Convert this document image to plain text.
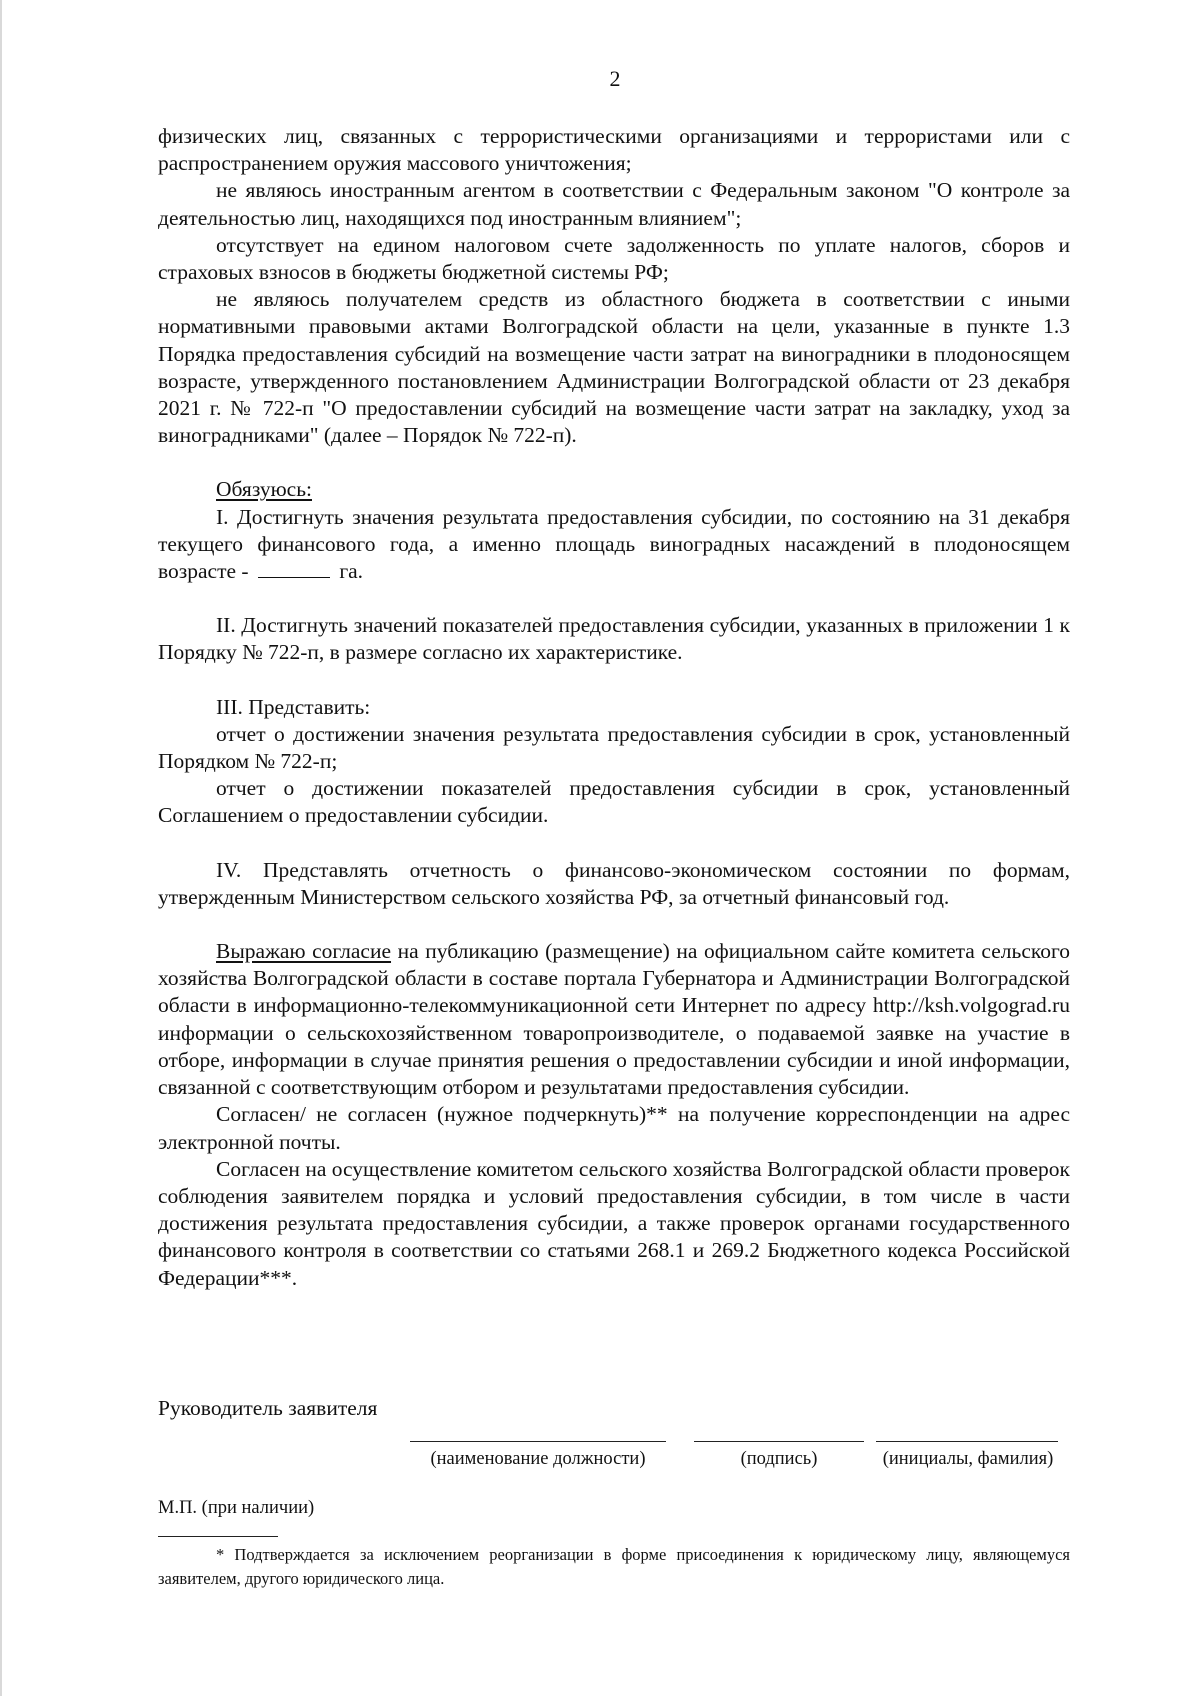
2

физических лиц, связанных с террористическими организациями и террористами или с распространением оружия массового уничтожения;

не являюсь иностранным агентом в соответствии с Федеральным законом "О контроле за деятельностью лиц, находящихся под иностранным влиянием";

отсутствует на едином налоговом счете задолженность по уплате налогов, сборов и страховых взносов в бюджеты бюджетной системы РФ;

не являюсь получателем средств из областного бюджета в соответствии с иными нормативными правовыми актами Волгоградской области на цели, указанные в пункте 1.3 Порядка предоставления субсидий на возмещение части затрат на виноградники в плодоносящем возрасте, утвержденного постановлением Администрации Волгоградской области от 23 декабря 2021 г. № 722-п "О предоставлении субсидий на возмещение части затрат на закладку, уход за виноградниками" (далее – Порядок № 722-п).

Обязуюсь:

I. Достигнуть значения результата предоставления субсидии, по состоянию на 31 декабря текущего финансового года, а именно площадь виноградных насаждений в плодоносящем возрасте -	га.

II. Достигнуть значений показателей предоставления субсидии, указанных в приложении 1 к Порядку № 722-п, в размере согласно их характеристике.

III. Представить:

отчет о достижении значения результата предоставления субсидии в срок, установленный Порядком № 722-п;

отчет о достижении показателей предоставления субсидии в срок, установленный Соглашением о предоставлении субсидии.

IV. Представлять отчетность о финансово-экономическом состоянии по формам, утвержденным Министерством сельского хозяйства РФ, за отчетный финансовый год.

Выражаю согласие на публикацию (размещение) на официальном сайте комитета сельского хозяйства Волгоградской области в составе портала Губернатора и Администрации Волгоградской области в информационно-телекоммуникационной сети Интернет по адресу http://ksh.volgograd.ru информации о сельскохозяйственном товаропроизводителе, о подаваемой заявке на участие в отборе, информации в случае принятия решения о предоставлении субсидии и иной информации, связанной с соответствующим отбором и результатами предоставления субсидии.

Согласен/ не согласен (нужное подчеркнуть)** на получение корреспонденции на адрес электронной почты.

Согласен на осуществление комитетом сельского хозяйства Волгоградской области проверок соблюдения заявителем порядка и условий предоставления субсидии, в том числе в части достижения результата предоставления субсидии, а также проверок органами государственного финансового контроля в соответствии со статьями 268.1 и 269.2 Бюджетного кодекса Российской Федерации***.

Руководитель заявителя
(наименование должности)	(подпись)	(инициалы, фамилия)
М.П. (при наличии)
* Подтверждается за исключением реорганизации в форме присоединения к юридическому лицу, являющемуся заявителем, другого юридического лица.
